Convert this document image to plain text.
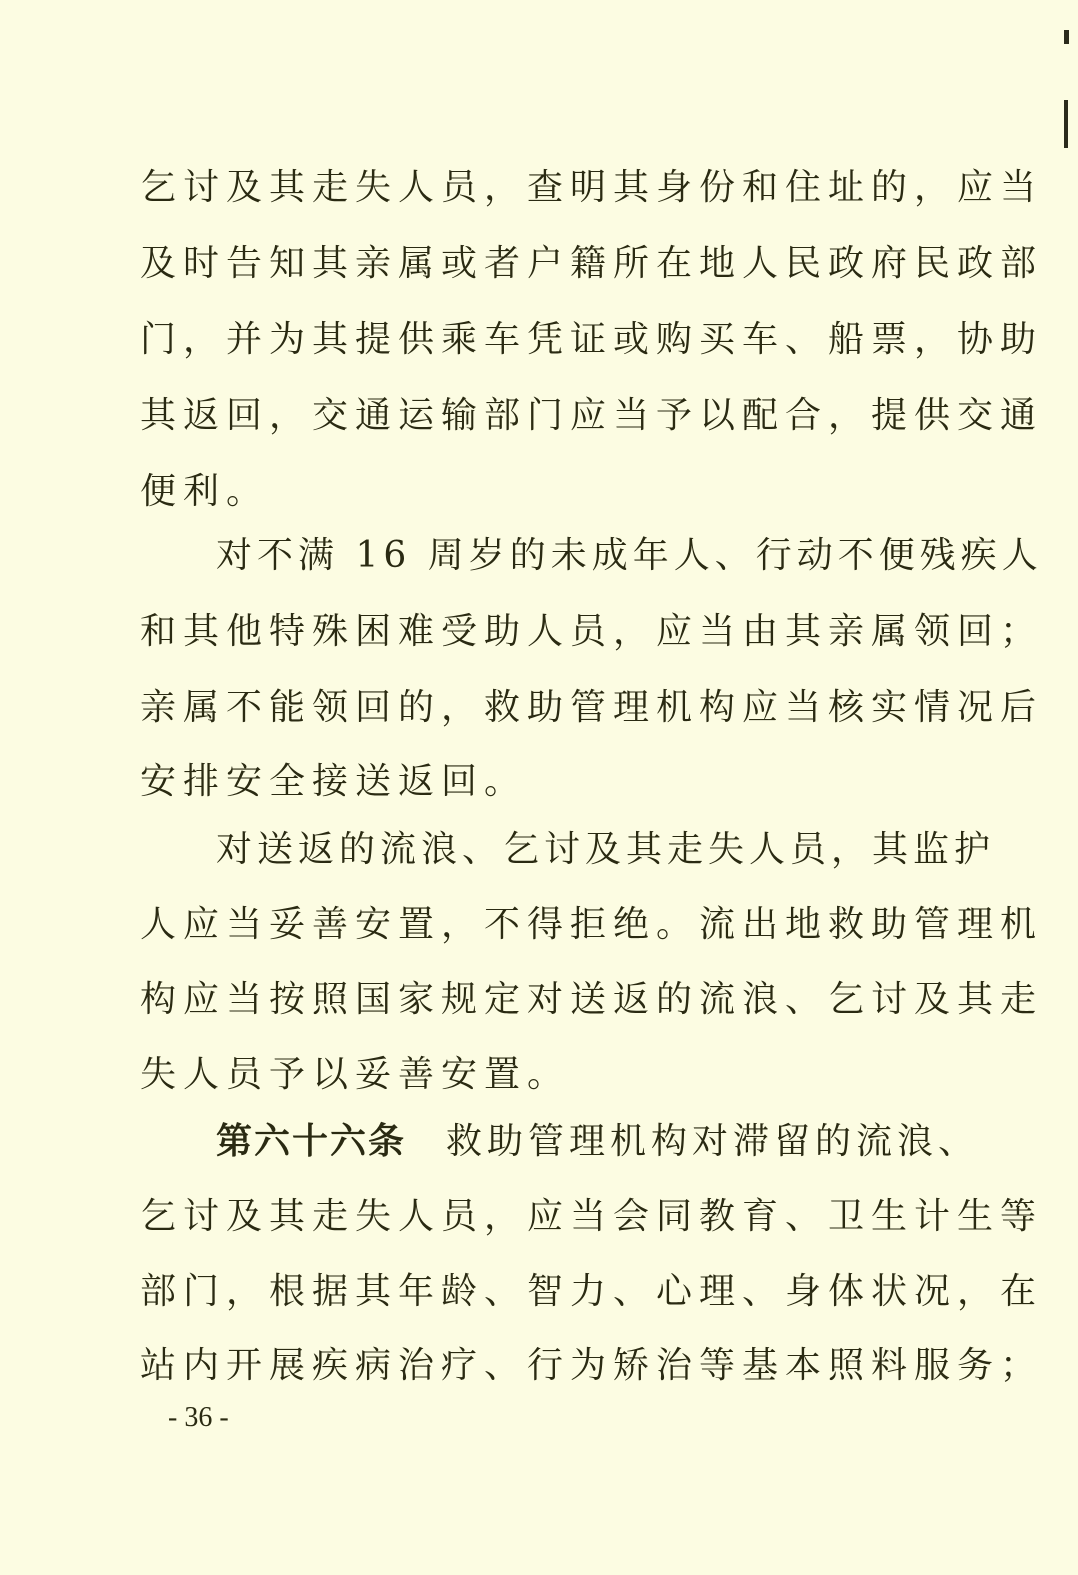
乞讨及其走失人员，查明其身份和住址的，应当
及时告知其亲属或者户籍所在地人民政府民政部
门，并为其提供乘车凭证或购买车、船票，协助
其返回，交通运输部门应当予以配合，提供交通
便利。
对不满 16 周岁的未成年人、行动不便残疾人
和其他特殊困难受助人员，应当由其亲属领回；
亲属不能领回的，救助管理机构应当核实情况后
安排安全接送返回。
对送返的流浪、乞讨及其走失人员，其监护
人应当妥善安置，不得拒绝。流出地救助管理机
构应当按照国家规定对送返的流浪、乞讨及其走
失人员予以妥善安置。
第六十六条 救助管理机构对滞留的流浪、
乞讨及其走失人员，应当会同教育、卫生计生等
部门，根据其年龄、智力、心理、身体状况，在
站内开展疾病治疗、行为矫治等基本照料服务；
- 36 -
